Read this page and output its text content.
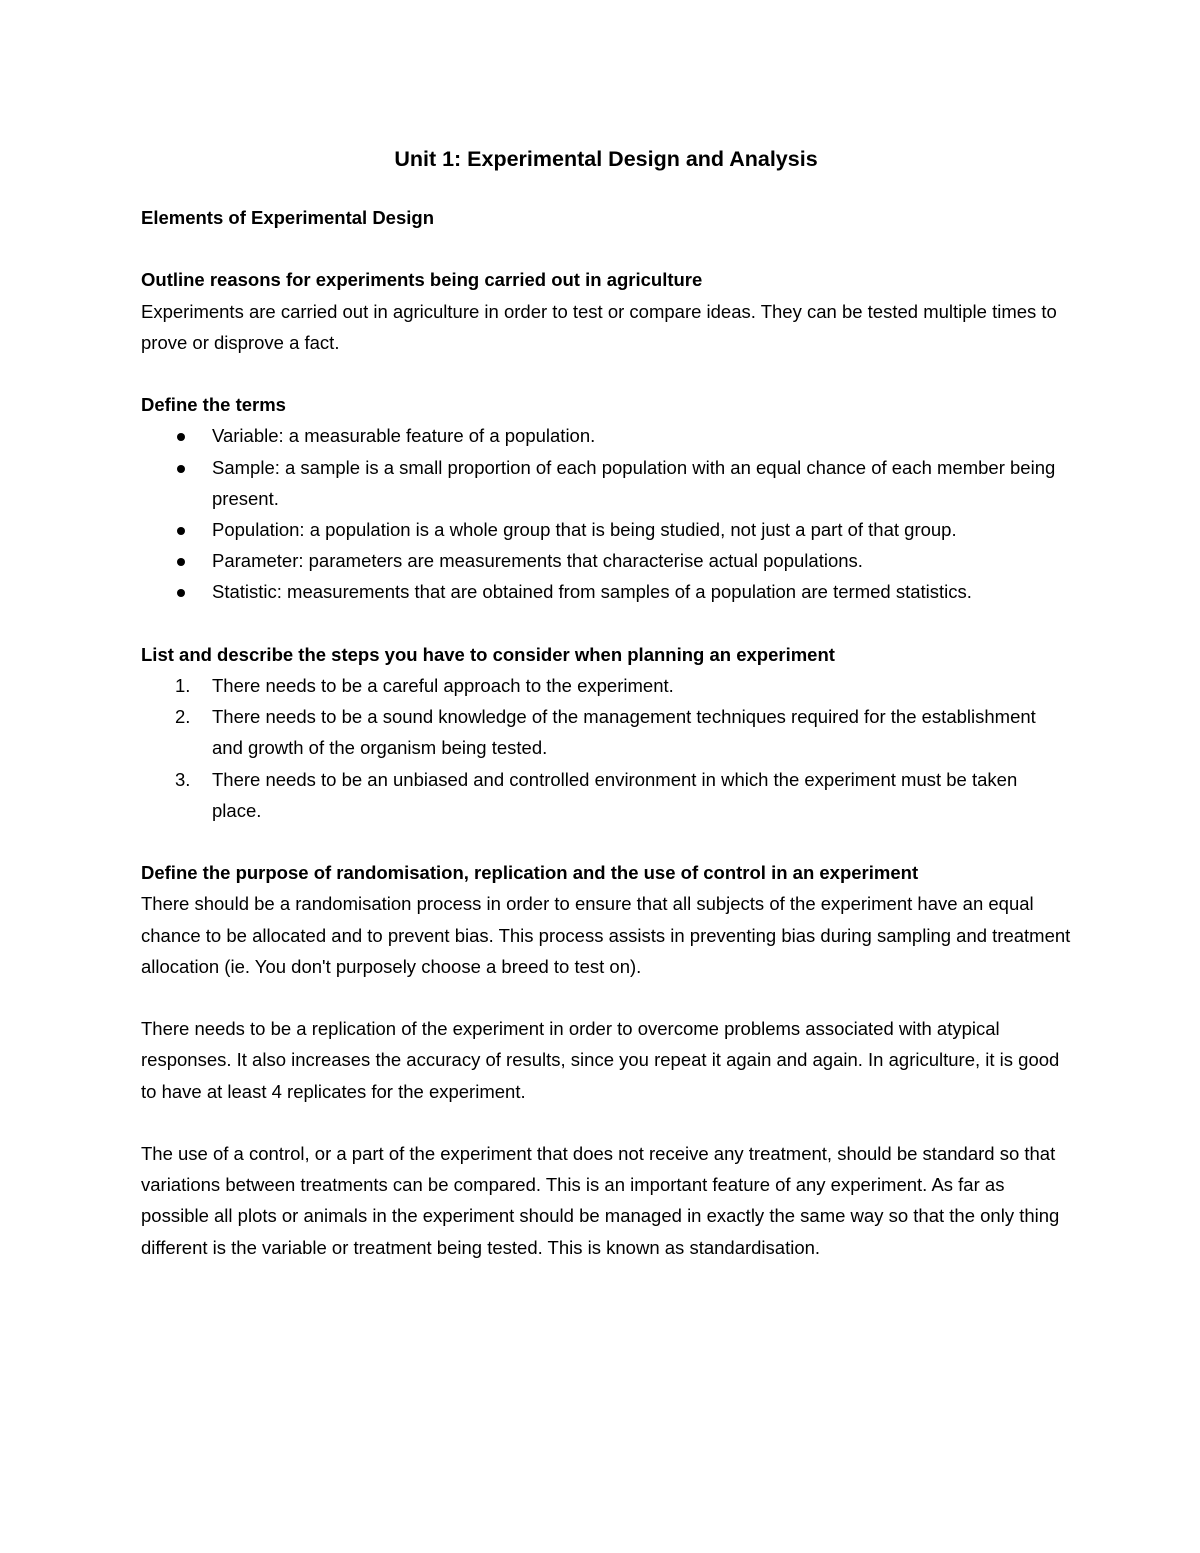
Unit 1: Experimental Design and Analysis

Elements of Experimental Design

Outline reasons for experiments being carried out in agriculture

Experiments are carried out in agriculture in order to test or compare ideas. They can be tested multiple times to prove or disprove a fact.

Define the terms

Variable: a measurable feature of a population.
Sample: a sample is a small proportion of each population with an equal chance of each member being present.
Population: a population is a whole group that is being studied, not just a part of that group.
Parameter: parameters are measurements that characterise actual populations.
Statistic: measurements that are obtained from samples of a population are termed statistics.

List and describe the steps you have to consider when planning an experiment

1. There needs to be a careful approach to the experiment.
2. There needs to be a sound knowledge of the management techniques required for the establishment and growth of the organism being tested.
3. There needs to be an unbiased and controlled environment in which the experiment must be taken place.

Define the purpose of randomisation, replication and the use of control in an experiment

There should be a randomisation process in order to ensure that all subjects of the experiment have an equal chance to be allocated and to prevent bias. This process assists in preventing bias during sampling and treatment allocation (ie. You don't purposely choose a breed to test on).

There needs to be a replication of the experiment in order to overcome problems associated with atypical responses. It also increases the accuracy of results, since you repeat it again and again. In agriculture, it is good to have at least 4 replicates for the experiment.

The use of a control, or a part of the experiment that does not receive any treatment, should be standard so that variations between treatments can be compared. This is an important feature of any experiment. As far as possible all plots or animals in the experiment should be managed in exactly the same way so that the only thing different is the variable or treatment being tested. This is known as standardisation.
